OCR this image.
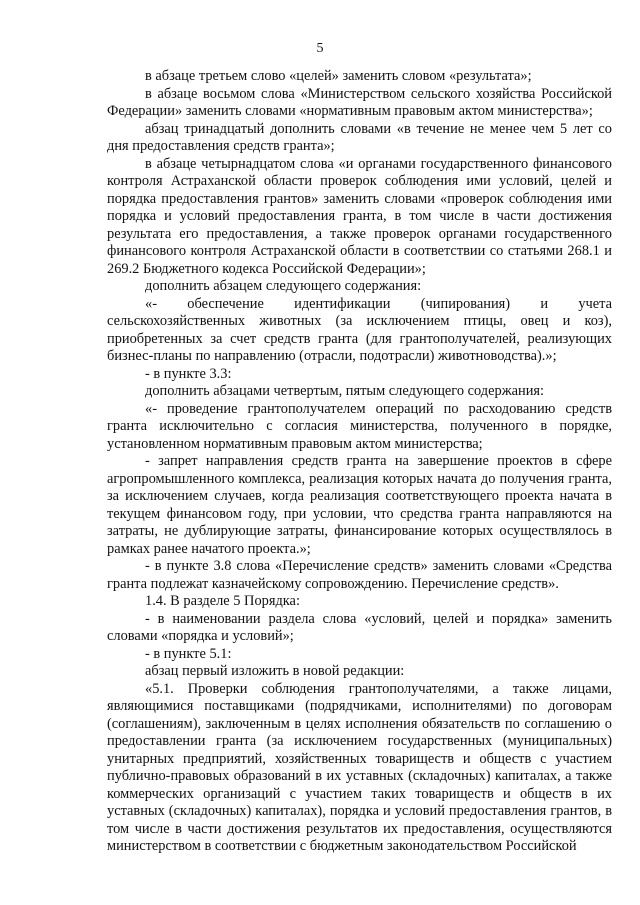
5

в абзаце третьем слово «целей» заменить словом «результата»;

в абзаце восьмом слова «Министерством сельского хозяйства Российской Федерации» заменить словами «нормативным правовым актом министерства»;

абзац тринадцатый дополнить словами «в течение не менее чем 5 лет со дня предоставления средств гранта»;

в абзаце четырнадцатом слова «и органами государственного финансового контроля Астраханской области проверок соблюдения ими условий, целей и порядка предоставления грантов» заменить словами «проверок соблюдения ими порядка и условий предоставления гранта, в том числе в части достижения результата его предоставления, а также проверок органами государственного финансового контроля Астраханской области в соответствии со статьями 268.1 и 269.2 Бюджетного кодекса Российской Федерации»;

дополнить абзацем следующего содержания:

«- обеспечение идентификации (чипирования) и учета сельскохозяйственных животных (за исключением птицы, овец и коз), приобретенных за счет средств гранта (для грантополучателей, реализующих бизнес-планы по направлению (отрасли, подотрасли) животноводства).»;

- в пункте 3.3:

дополнить абзацами четвертым, пятым следующего содержания:

«- проведение грантополучателем операций по расходованию средств гранта исключительно с согласия министерства, полученного в порядке, установленном нормативным правовым актом министерства;

- запрет направления средств гранта на завершение проектов в сфере агропромышленного комплекса, реализация которых начата до получения гранта, за исключением случаев, когда реализация соответствующего проекта начата в текущем финансовом году, при условии, что средства гранта направляются на затраты, не дублирующие затраты, финансирование которых осуществлялось в рамках ранее начатого проекта.»;

- в пункте 3.8 слова «Перечисление средств» заменить словами «Средства гранта подлежат казначейскому сопровождению. Перечисление средств».

1.4. В разделе 5 Порядка:

- в наименовании раздела слова «условий, целей и порядка» заменить словами «порядка и условий»;

- в пункте 5.1:

абзац первый изложить в новой редакции:

«5.1. Проверки соблюдения грантополучателями, а также лицами, являющимися поставщиками (подрядчиками, исполнителями) по договорам (соглашениям), заключенным в целях исполнения обязательств по соглашению о предоставлении гранта (за исключением государственных (муниципальных) унитарных предприятий, хозяйственных товариществ и обществ с участием публично-правовых образований в их уставных (складочных) капиталах, а также коммерческих организаций с участием таких товариществ и обществ в их уставных (складочных) капиталах), порядка и условий предоставления грантов, в том числе в части достижения результатов их предоставления, осуществляются министерством в соответствии с бюджетным законодательством Российской
